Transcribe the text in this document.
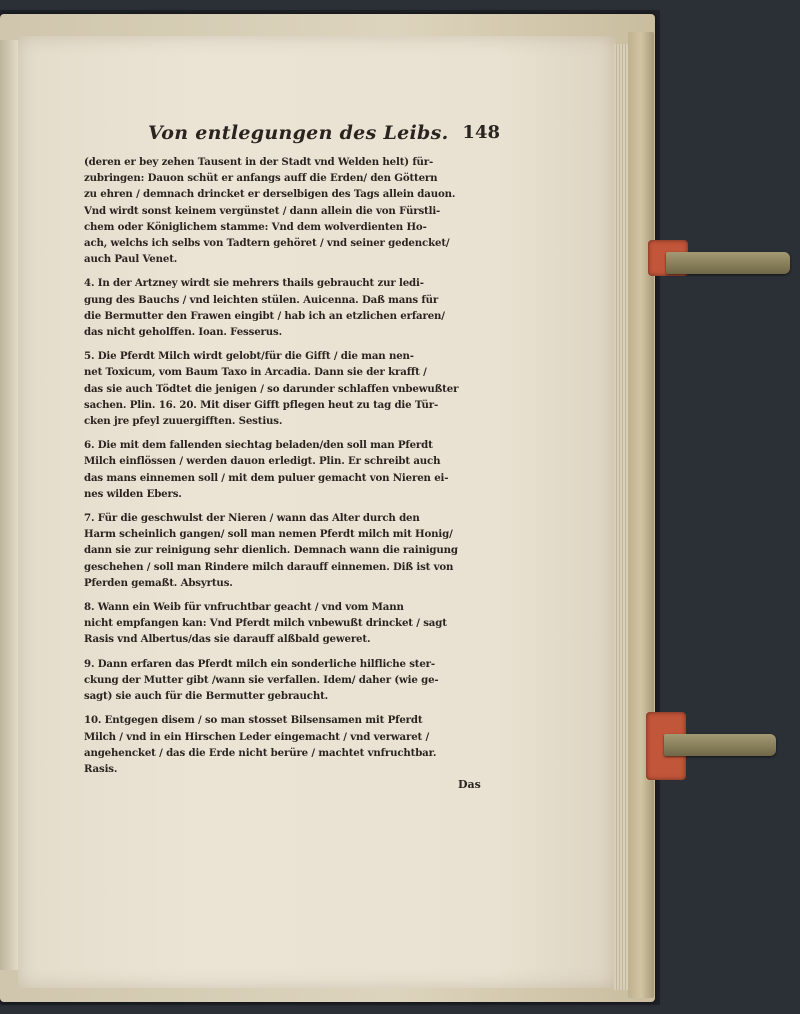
Von entlegungen des Leibs. 148
(deren er bey zehen Tausent in der Stadt vnd Welden helt) für-
zubringen: Dauon schüt er anfangs auff die Erden/ den Göttern
zu ehren / demnach drincket er derselbigen des Tags allein dauon.
Vnd wirdt sonst keinem vergünstet / dann allein die von Fürstli-
chem oder Königlichem stamme: Vnd dem wolverdienten Ho-
ach, welchs ich selbs von Tadtern gehöret / vnd seiner gedencket/
auch Paul Venet.
4. In der Artzney wirdt sie mehrers thails gebraucht zur ledi-
gung des Bauchs / vnd leichten stülen. Auicenna. Daß mans für
die Bermutter den Frawen eingibt / hab ich an etzlichen erfaren/
das nicht geholffen. Ioan. Fesserus.
5. Die Pferdt Milch wirdt gelobt/für die Gifft / die man nen-
net Toxicum, vom Baum Taxo in Arcadia. Dann sie der krafft /
das sie auch Tödtet die jenigen / so darunder schlaffen vnbewußter
sachen. Plin. 16. 20. Mit diser Gifft pflegen heut zu tag die Tür-
cken jre pfeyl zuuergifften. Sestius.
6. Die mit dem fallenden siechtag beladen/den soll man Pferdt
Milch einflössen / werden dauon erledigt. Plin. Er schreibt auch
das mans einnemen soll / mit dem puluer gemacht von Nieren ei-
nes wilden Ebers.
7. Für die geschwulst der Nieren / wann das Alter durch den
Harm scheinlich gangen/ soll man nemen Pferdt milch mit Honig/
dann sie zur reinigung sehr dienlich. Demnach wann die rainigung
geschehen / soll man Rindere milch darauff einnemen. Diß ist von
Pferden gemaßt. Absyrtus.
8. Wann ein Weib für vnfruchtbar geacht / vnd vom Mann
nicht empfangen kan: Vnd Pferdt milch vnbewußt drincket / sagt
Rasis vnd Albertus/das sie darauff alßbald geweret.
9. Dann erfaren das Pferdt milch ein sonderliche hilfliche ster-
ckung der Mutter gibt /wann sie verfallen. Idem/ daher (wie ge-
sagt) sie auch für die Bermutter gebraucht.
10. Entgegen disem / so man stosset Bilsensamen mit Pferdt
Milch / vnd in ein Hirschen Leder eingemacht / vnd verwaret /
angehencket / das die Erde nicht berüre / machtet vnfruchtbar.
Rasis.
Das
